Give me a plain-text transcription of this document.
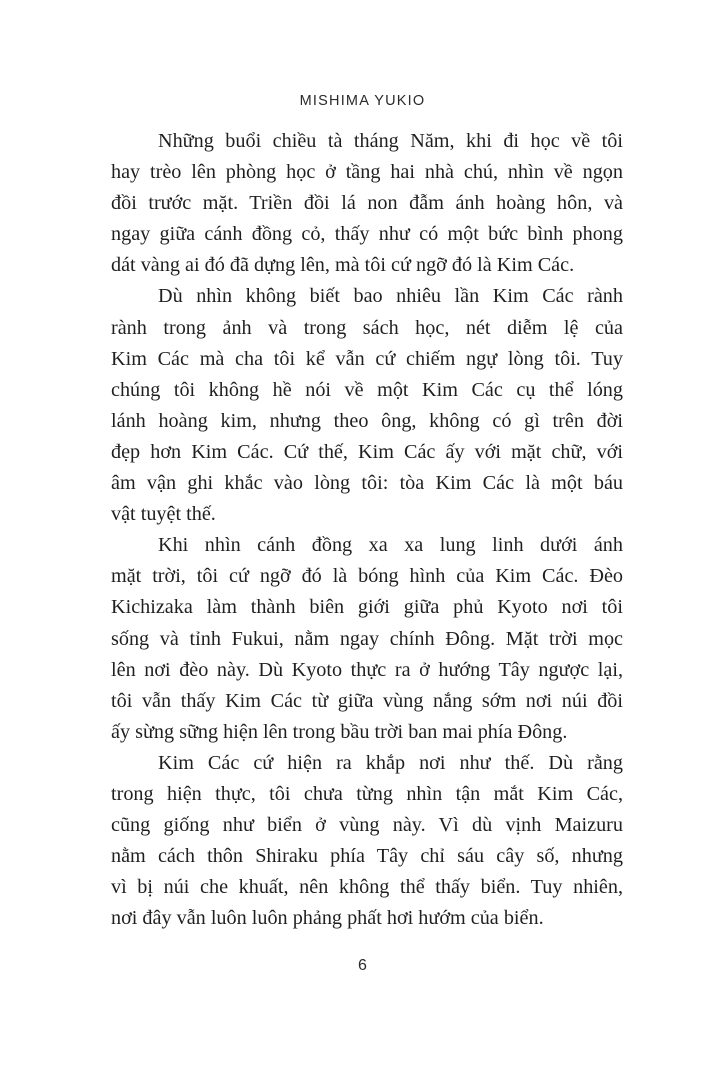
MISHIMA YUKIO
Những buổi chiều tà tháng Năm, khi đi học về tôi
hay trèo lên phòng học ở tầng hai nhà chú, nhìn về ngọn
đồi trước mặt. Triền đồi lá non đẫm ánh hoàng hôn, và
ngay giữa cánh đồng cỏ, thấy như có một bức bình phong
dát vàng ai đó đã dựng lên, mà tôi cứ ngỡ đó là Kim Các.
Dù nhìn không biết bao nhiêu lần Kim Các rành
rành trong ảnh và trong sách học, nét diễm lệ của
Kim Các mà cha tôi kể vẫn cứ chiếm ngự lòng tôi. Tuy
chúng tôi không hề nói về một Kim Các cụ thể lóng
lánh hoàng kim, nhưng theo ông, không có gì trên đời
đẹp hơn Kim Các. Cứ thế, Kim Các ấy với mặt chữ, với
âm vận ghi khắc vào lòng tôi: tòa Kim Các là một báu
vật tuyệt thế.
Khi nhìn cánh đồng xa xa lung linh dưới ánh
mặt trời, tôi cứ ngỡ đó là bóng hình của Kim Các. Đèo
Kichizaka làm thành biên giới giữa phủ Kyoto nơi tôi
sống và tỉnh Fukui, nằm ngay chính Đông. Mặt trời mọc
lên nơi đèo này. Dù Kyoto thực ra ở hướng Tây ngược lại,
tôi vẫn thấy Kim Các từ giữa vùng nắng sớm nơi núi đồi
ấy sừng sững hiện lên trong bầu trời ban mai phía Đông.
Kim Các cứ hiện ra khắp nơi như thế. Dù rằng
trong hiện thực, tôi chưa từng nhìn tận mắt Kim Các,
cũng giống như biển ở vùng này. Vì dù vịnh Maizuru
nằm cách thôn Shiraku phía Tây chỉ sáu cây số, nhưng
vì bị núi che khuất, nên không thể thấy biển. Tuy nhiên,
nơi đây vẫn luôn luôn phảng phất hơi hướm của biển.
6
